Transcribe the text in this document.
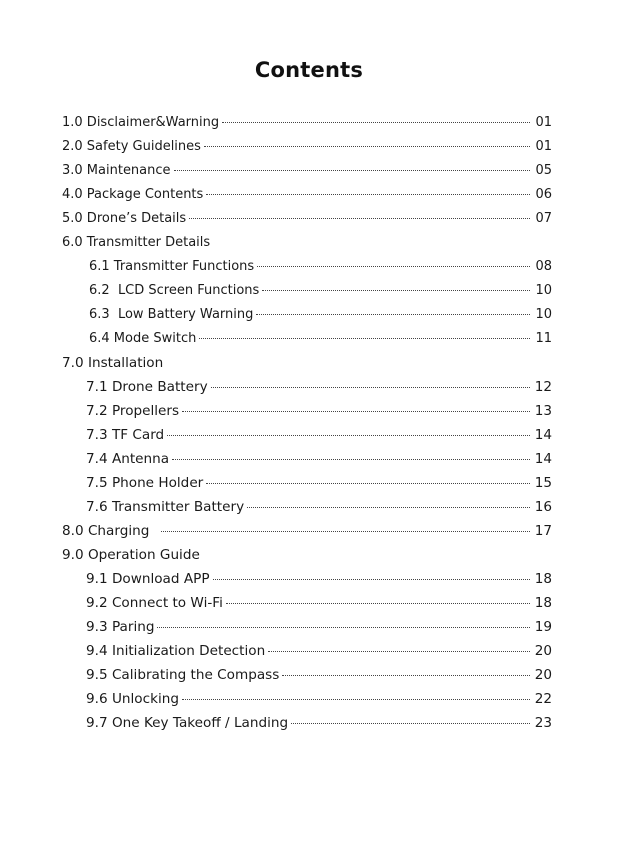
Contents
1.0 Disclaimer&Warning	01
2.0 Safety Guidelines	01
3.0 Maintenance	05
4.0 Package Contents	06
5.0 Drone’s Details	07
6.0 Transmitter Details
6.1 Transmitter Functions	08
6.2  LCD Screen Functions	10
6.3  Low Battery Warning	10
6.4 Mode Switch	11
7.0 Installation
7.1 Drone Battery	12
7.2 Propellers	13
7.3 TF Card	14
7.4 Antenna	14
7.5 Phone Holder	15
7.6 Transmitter Battery	16
8.0 Charging	17
9.0 Operation Guide
9.1 Download APP	18
9.2 Connect to Wi-Fi	18
9.3 Paring	19
9.4 Initialization Detection	20
9.5 Calibrating the Compass	20
9.6 Unlocking	22
9.7 One Key Takeoff / Landing	23
